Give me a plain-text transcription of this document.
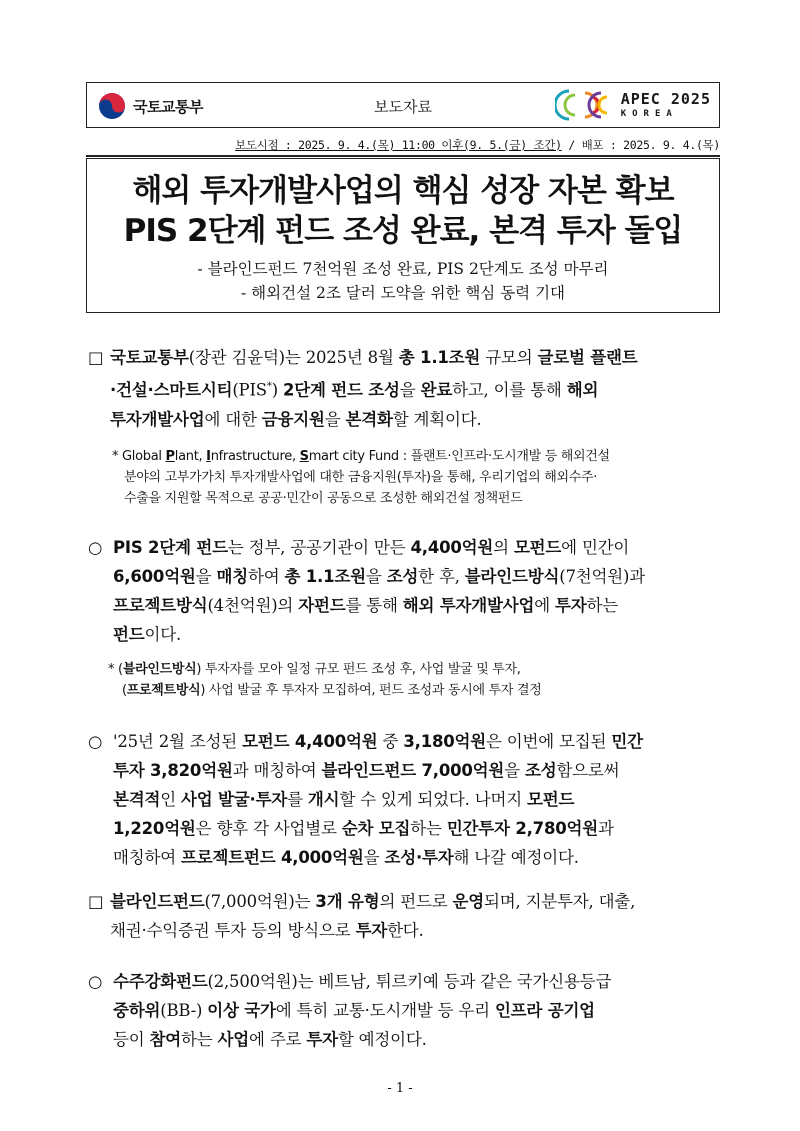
국토교통부	보도자료	APEC 2025
KOREA
보도시점 : 2025. 9. 4.(목) 11:00 이후(9. 5.(금) 조간) / 배포 : 2025. 9. 4.(목)
해외 투자개발사업의 핵심 성장 자본 확보
PIS 2단계 펀드 조성 완료, 본격 투자 돌입
- 블라인드펀드 7천억원 조성 완료, PIS 2단계도 조성 마무리
- 해외건설 2조 달러 도약을 위한 핵심 동력 기대
□ 국토교통부(장관 김윤덕)는 2025년 8월 총 1.1조원 규모의 글로벌 플랜트
·건설·스마트시티(PIS*) 2단계 펀드 조성을 완료하고, 이를 통해 해외
투자개발사업에 대한 금융지원을 본격화할 계획이다.
* Global Plant, Infrastructure, Smart city Fund : 플랜트·인프라·도시개발 등 해외건설
분야의 고부가가치 투자개발사업에 대한 금융지원(투자)을 통해, 우리기업의 해외수주·
수출을 지원할 목적으로 공공·민간이 공동으로 조성한 해외건설 정책펀드
○ PIS 2단계 펀드는 정부, 공공기관이 만든 4,400억원의 모펀드에 민간이
6,600억원을 매칭하여 총 1.1조원을 조성한 후, 블라인드방식(7천억원)과
프로젝트방식(4천억원)의 자펀드를 통해 해외 투자개발사업에 투자하는
펀드이다.
* (블라인드방식) 투자자를 모아 일정 규모 펀드 조성 후, 사업 발굴 및 투자,
(프로젝트방식) 사업 발굴 후 투자자 모집하여, 펀드 조성과 동시에 투자 결정
○ '25년 2월 조성된 모펀드 4,400억원 중 3,180억원은 이번에 모집된 민간
투자 3,820억원과 매칭하여 블라인드펀드 7,000억원을 조성함으로써
본격적인 사업 발굴·투자를 개시할 수 있게 되었다. 나머지 모펀드
1,220억원은 향후 각 사업별로 순차 모집하는 민간투자 2,780억원과
매칭하여 프로젝트펀드 4,000억원을 조성·투자해 나갈 예정이다.
□ 블라인드펀드(7,000억원)는 3개 유형의 펀드로 운영되며, 지분투자, 대출,
채권·수익증권 투자 등의 방식으로 투자한다.
○ 수주강화펀드(2,500억원)는 베트남, 튀르키예 등과 같은 국가신용등급
중하위(BB-) 이상 국가에 특히 교통·도시개발 등 우리 인프라 공기업
등이 참여하는 사업에 주로 투자할 예정이다.
- 1 -
